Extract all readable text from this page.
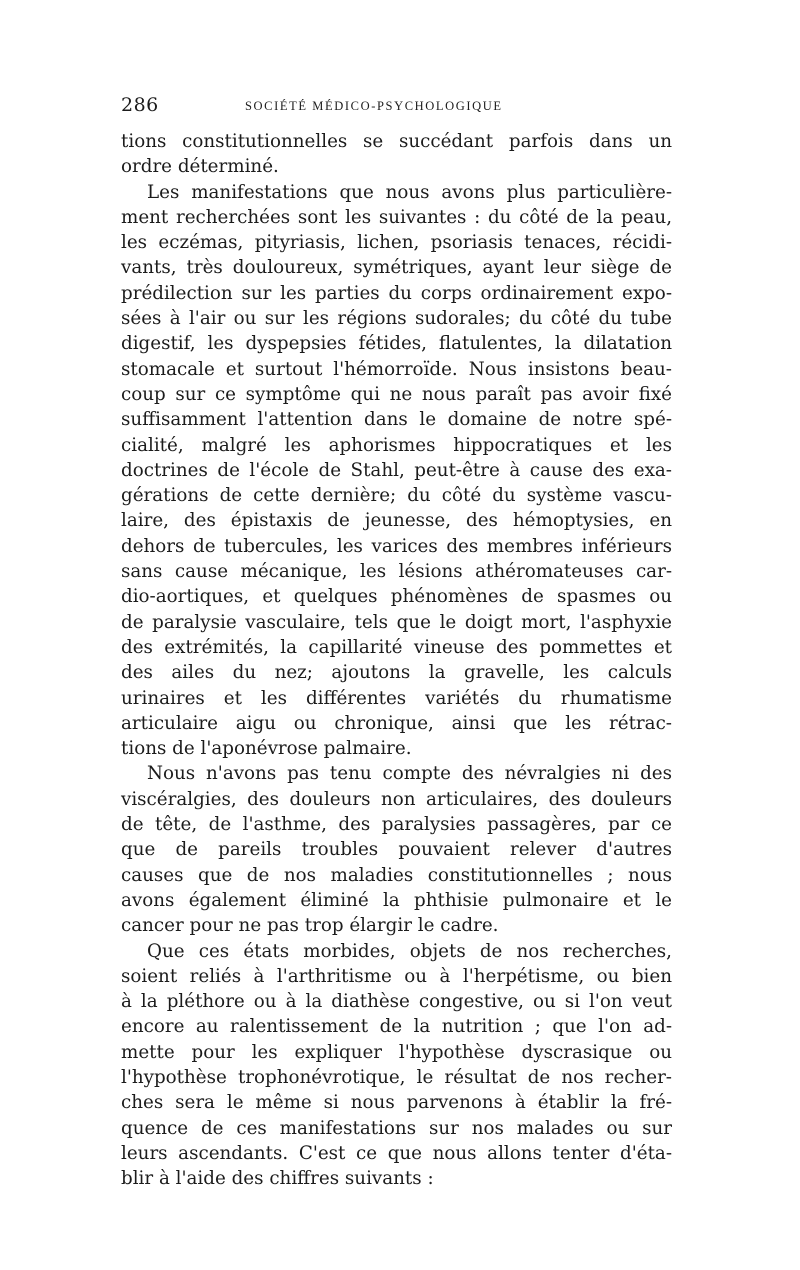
286	SOCIÉTÉ MÉDICO-PSYCHOLOGIQUE
tions constitutionnelles se succédant parfois dans un
ordre déterminé.
Les manifestations que nous avons plus particulière-
ment recherchées sont les suivantes : du côté de la peau,
les eczémas, pityriasis, lichen, psoriasis tenaces, récidi-
vants, très douloureux, symétriques, ayant leur siège de
prédilection sur les parties du corps ordinairement expo-
sées à l'air ou sur les régions sudorales; du côté du tube
digestif, les dyspepsies fétides, flatulentes, la dilatation
stomacale et surtout l'hémorroïde. Nous insistons beau-
coup sur ce symptôme qui ne nous paraît pas avoir fixé
suffisamment l'attention dans le domaine de notre spé-
cialité, malgré les aphorismes hippocratiques et les
doctrines de l'école de Stahl, peut-être à cause des exa-
gérations de cette dernière; du côté du système vascu-
laire, des épistaxis de jeunesse, des hémoptysies, en
dehors de tubercules, les varices des membres inférieurs
sans cause mécanique, les lésions athéromateuses car-
dio-aortiques, et quelques phénomènes de spasmes ou
de paralysie vasculaire, tels que le doigt mort, l'asphyxie
des extrémités, la capillarité vineuse des pommettes et
des ailes du nez; ajoutons la gravelle, les calculs
urinaires et les différentes variétés du rhumatisme
articulaire aigu ou chronique, ainsi que les rétrac-
tions de l'aponévrose palmaire.
Nous n'avons pas tenu compte des névralgies ni des
viscéralgies, des douleurs non articulaires, des douleurs
de tête, de l'asthme, des paralysies passagères, par ce
que de pareils troubles pouvaient relever d'autres
causes que de nos maladies constitutionnelles ; nous
avons également éliminé la phthisie pulmonaire et le
cancer pour ne pas trop élargir le cadre.
Que ces états morbides, objets de nos recherches,
soient reliés à l'arthritisme ou à l'herpétisme, ou bien
à la pléthore ou à la diathèse congestive, ou si l'on veut
encore au ralentissement de la nutrition ; que l'on ad-
mette pour les expliquer l'hypothèse dyscrasique ou
l'hypothèse trophonévrotique, le résultat de nos recher-
ches sera le même si nous parvenons à établir la fré-
quence de ces manifestations sur nos malades ou sur
leurs ascendants. C'est ce que nous allons tenter d'éta-
blir à l'aide des chiffres suivants :
